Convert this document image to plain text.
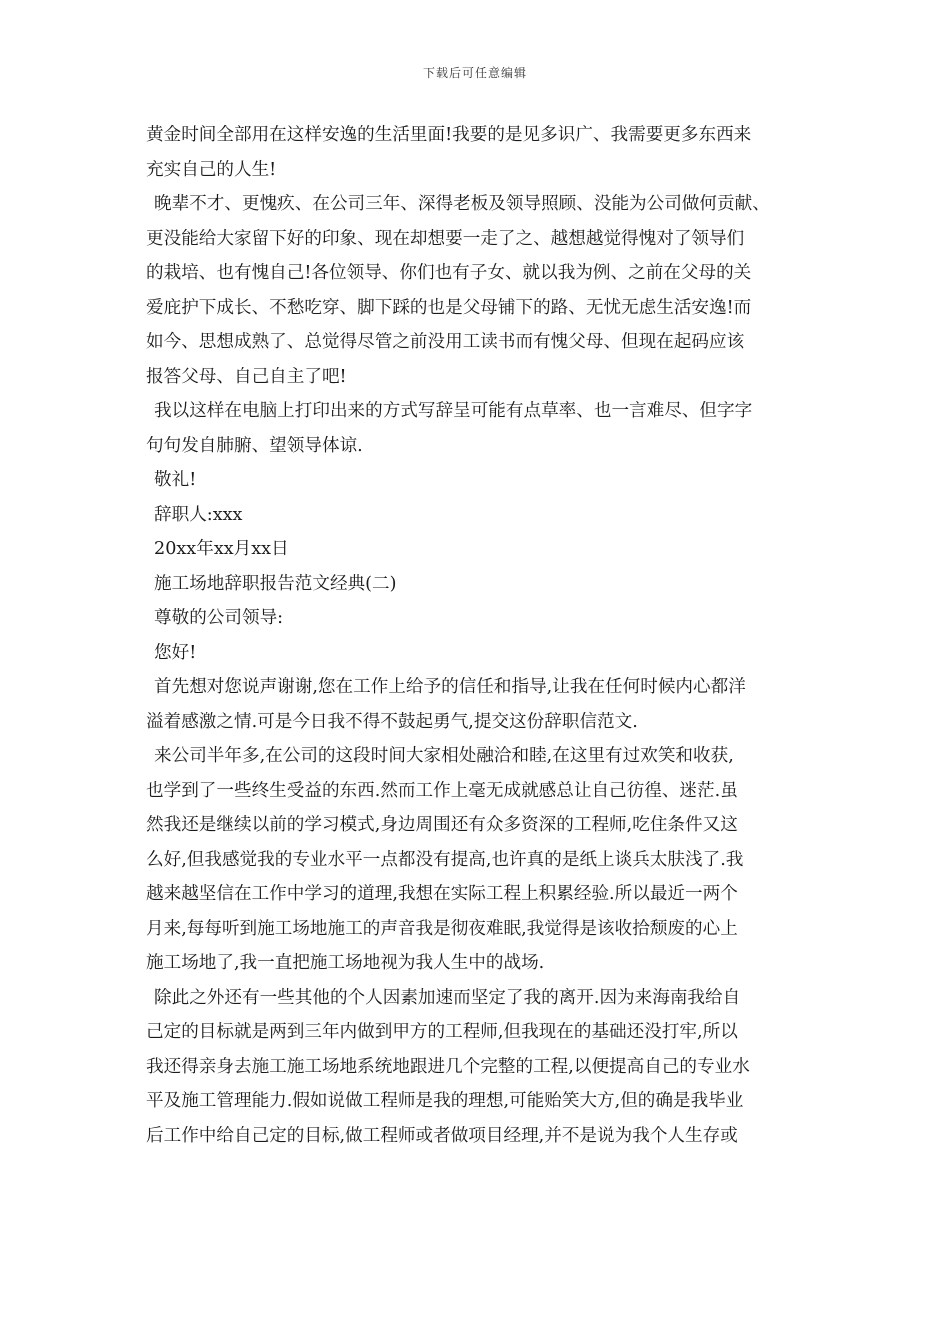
下载后可任意编辑
黄金时间全部用在这样安逸的生活里面!我要的是见多识广、我需要更多东西来
充实自己的人生!
晚辈不才、更愧疚、在公司三年、深得老板及领导照顾、没能为公司做何贡献、
更没能给大家留下好的印象、现在却想要一走了之、越想越觉得愧对了领导们
的栽培、也有愧自己!各位领导、你们也有子女、就以我为例、之前在父母的关
爱庇护下成长、不愁吃穿、脚下踩的也是父母铺下的路、无忧无虑生活安逸!而
如今、思想成熟了、总觉得尽管之前没用工读书而有愧父母、但现在起码应该
报答父母、自己自主了吧!
我以这样在电脑上打印出来的方式写辞呈可能有点草率、也一言难尽、但字字
句句发自肺腑、望领导体谅.
敬礼!
辞职人:xxx
20xx年xx月xx日
施工场地辞职报告范文经典(二)
尊敬的公司领导:
您好!
首先想对您说声谢谢,您在工作上给予的信任和指导,让我在任何时候内心都洋
溢着感激之情.可是今日我不得不鼓起勇气,提交这份辞职信范文.
来公司半年多,在公司的这段时间大家相处融洽和睦,在这里有过欢笑和收获,
也学到了一些终生受益的东西.然而工作上毫无成就感总让自己彷徨、迷茫.虽
然我还是继续以前的学习模式,身边周围还有众多资深的工程师,吃住条件又这
么好,但我感觉我的专业水平一点都没有提高,也许真的是纸上谈兵太肤浅了.我
越来越坚信在工作中学习的道理,我想在实际工程上积累经验.所以最近一两个
月来,每每听到施工场地施工的声音我是彻夜难眠,我觉得是该收拾颓废的心上
施工场地了,我一直把施工场地视为我人生中的战场.
除此之外还有一些其他的个人因素加速而坚定了我的离开.因为来海南我给自
己定的目标就是两到三年内做到甲方的工程师,但我现在的基础还没打牢,所以
我还得亲身去施工施工场地系统地跟进几个完整的工程,以便提高自己的专业水
平及施工管理能力.假如说做工程师是我的理想,可能贻笑大方,但的确是我毕业
后工作中给自己定的目标,做工程师或者做项目经理,并不是说为我个人生存或
